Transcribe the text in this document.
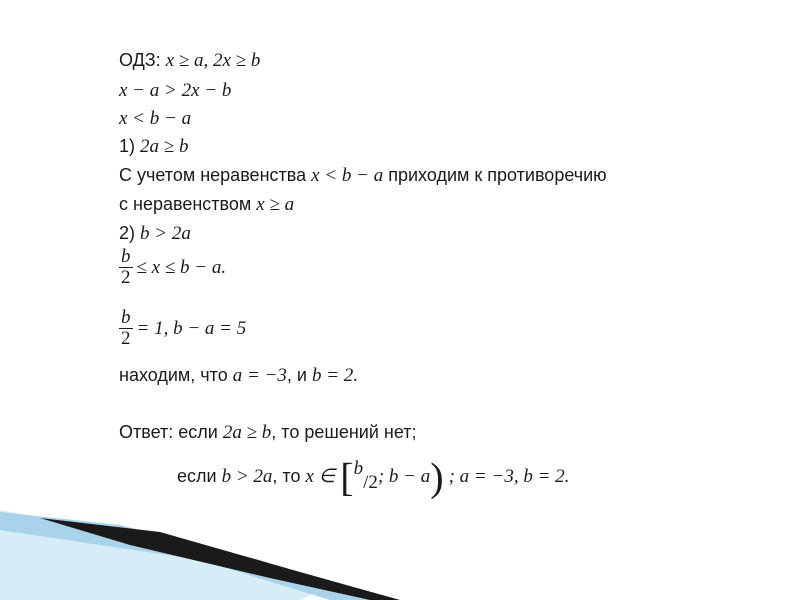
ОДЗ: x ≥ a, 2x ≥ b
x − a > 2x − b
x < b − a
1) 2a ≥ b
С учетом неравенства x < b − a приходим к противоречию
с неравенством x ≥ a
2) b > 2a
$\frac{b}{2} \le x \le b - a$.
$\frac{b}{2} = 1$, b − a = 5
находим, что a = −3, и b = 2.
Ответ: если 2a ≥ b, то решений нет;
если b > 2a, то x ∈ [b/2; b − a) ; a = −3, b = 2.
